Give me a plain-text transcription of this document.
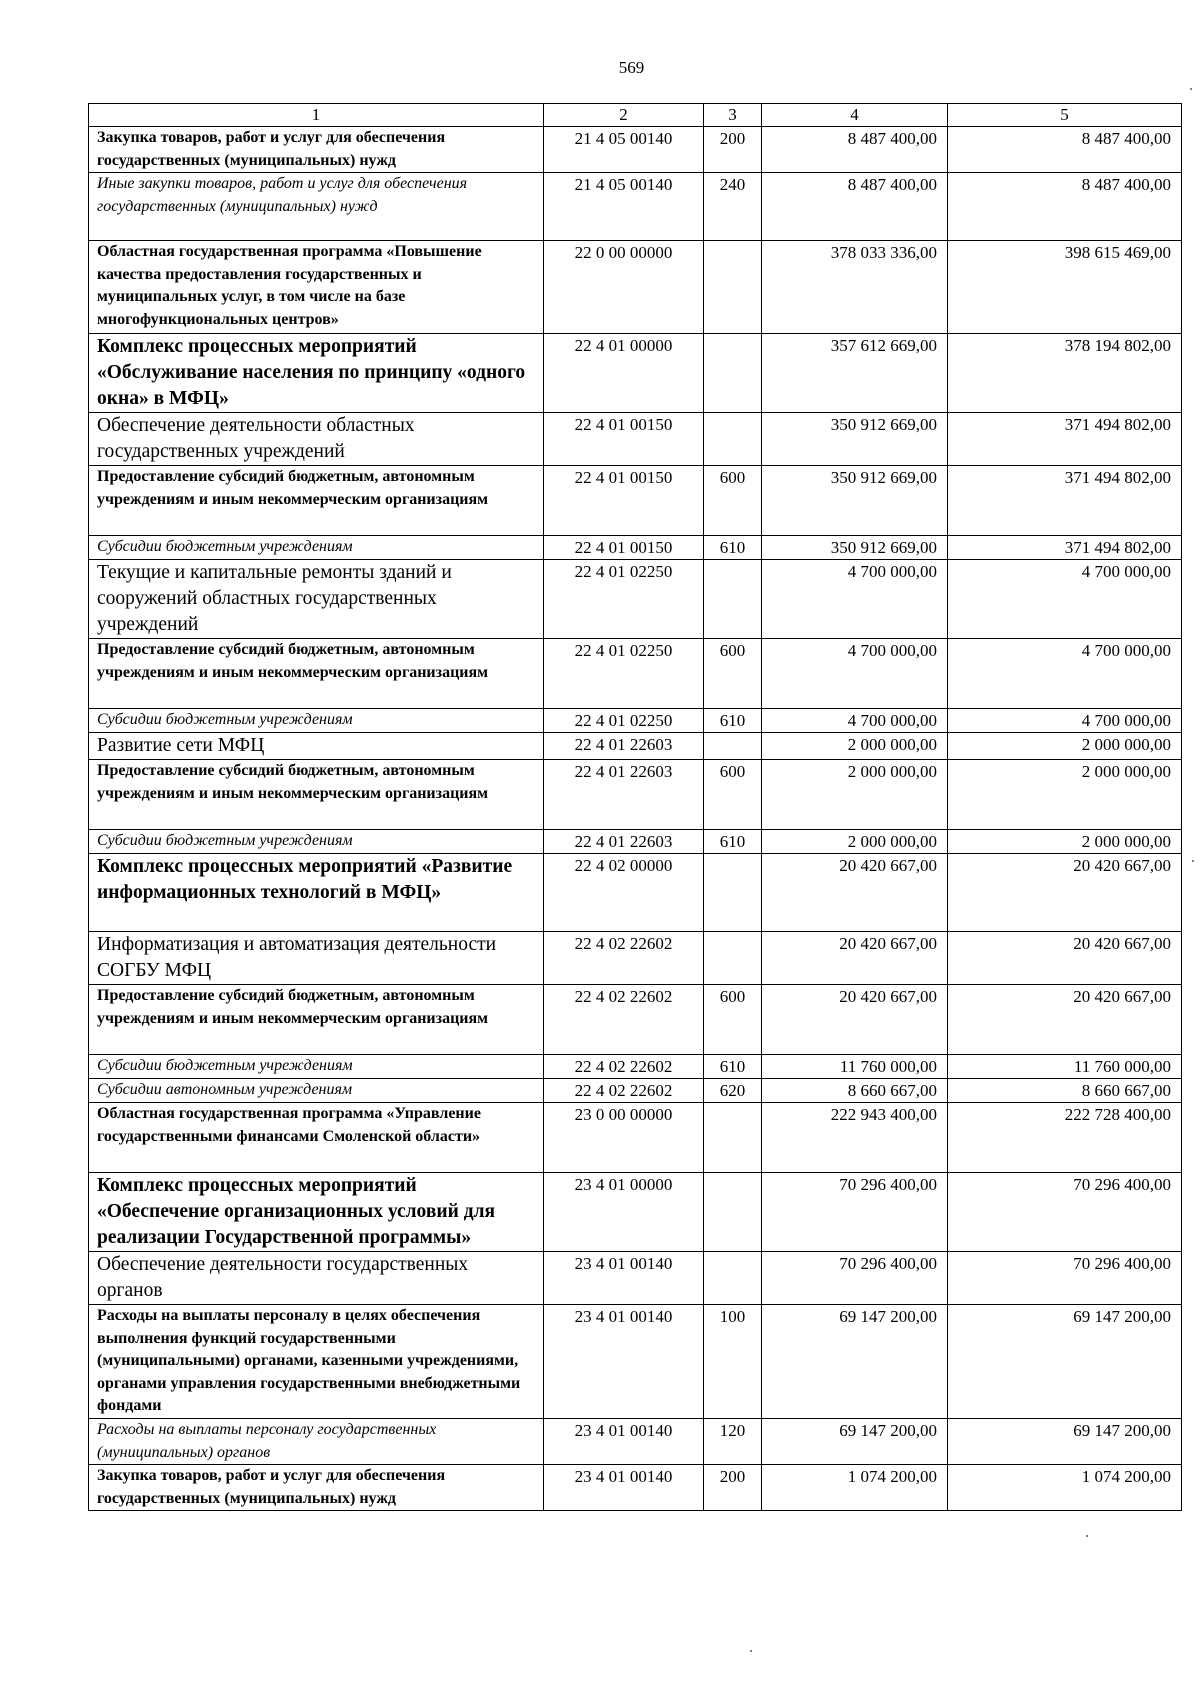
569
1	2	3	4	5
Закупка товаров, работ и услуг для обеспечения государственных (муниципальных) нужд	21 4 05 00140	200	8 487 400,00	8 487 400,00
Иные закупки товаров, работ и услуг для обеспечения государственных (муниципальных) нужд	21 4 05 00140	240	8 487 400,00	8 487 400,00
Областная государственная программа «Повышение качества предоставления государственных и муниципальных услуг, в том числе на базе многофункциональных центров»	22 0 00 00000		378 033 336,00	398 615 469,00
Комплекс процессных мероприятий «Обслуживание населения по принципу «одного окна» в МФЦ»	22 4 01 00000		357 612 669,00	378 194 802,00
Обеспечение деятельности областных государственных учреждений	22 4 01 00150		350 912 669,00	371 494 802,00
Предоставление субсидий бюджетным, автономным учреждениям и иным некоммерческим организациям	22 4 01 00150	600	350 912 669,00	371 494 802,00
Субсидии бюджетным учреждениям	22 4 01 00150	610	350 912 669,00	371 494 802,00
Текущие и капитальные ремонты зданий и сооружений областных государственных учреждений	22 4 01 02250		4 700 000,00	4 700 000,00
Предоставление субсидий бюджетным, автономным учреждениям и иным некоммерческим организациям	22 4 01 02250	600	4 700 000,00	4 700 000,00
Субсидии бюджетным учреждениям	22 4 01 02250	610	4 700 000,00	4 700 000,00
Развитие сети МФЦ	22 4 01 22603		2 000 000,00	2 000 000,00
Предоставление субсидий бюджетным, автономным учреждениям и иным некоммерческим организациям	22 4 01 22603	600	2 000 000,00	2 000 000,00
Субсидии бюджетным учреждениям	22 4 01 22603	610	2 000 000,00	2 000 000,00
Комплекс процессных мероприятий «Развитие информационных технологий в МФЦ»	22 4 02 00000		20 420 667,00	20 420 667,00
Информатизация и автоматизация деятельности СОГБУ МФЦ	22 4 02 22602		20 420 667,00	20 420 667,00
Предоставление субсидий бюджетным, автономным учреждениям и иным некоммерческим организациям	22 4 02 22602	600	20 420 667,00	20 420 667,00
Субсидии бюджетным учреждениям	22 4 02 22602	610	11 760 000,00	11 760 000,00
Субсидии автономным учреждениям	22 4 02 22602	620	8 660 667,00	8 660 667,00
Областная государственная программа «Управление государственными финансами Смоленской области»	23 0 00 00000		222 943 400,00	222 728 400,00
Комплекс процессных мероприятий «Обеспечение организационных условий для реализации Государственной программы»	23 4 01 00000		70 296 400,00	70 296 400,00
Обеспечение деятельности государственных органов	23 4 01 00140		70 296 400,00	70 296 400,00
Расходы на выплаты персоналу в целях обеспечения выполнения функций государственными (муниципальными) органами, казенными учреждениями, органами управления государственными внебюджетными фондами	23 4 01 00140	100	69 147 200,00	69 147 200,00
Расходы на выплаты персоналу государственных (муниципальных) органов	23 4 01 00140	120	69 147 200,00	69 147 200,00
Закупка товаров, работ и услуг для обеспечения государственных (муниципальных) нужд	23 4 01 00140	200	1 074 200,00	1 074 200,00
